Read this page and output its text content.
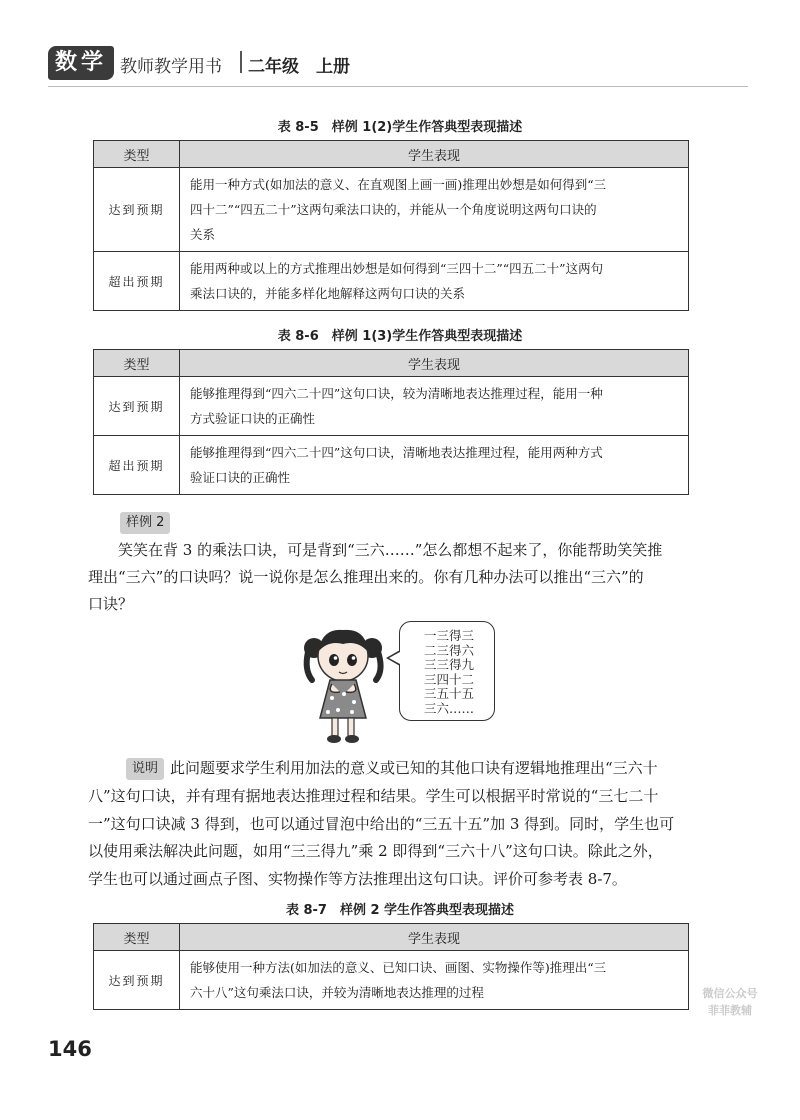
数学 教师教学用书 二年级　上册
表 8-5　样例 1(2)学生作答典型表现描述
类型	学生表现
达到预期	能用一种方式(如加法的意义、在直观图上画一画)推理出妙想是如何得到“三
四十二”“四五二十”这两句乘法口诀的，并能从一个角度说明这两句口诀的
关系

超出预期	能用两种或以上的方式推理出妙想是如何得到“三四十二”“四五二十”这两句
乘法口诀的，并能多样化地解释这两句口诀的关系
表 8-6　样例 1(3)学生作答典型表现描述
类型	学生表现
达到预期	能够推理得到“四六二十四”这句口诀，较为清晰地表达推理过程，能用一种
方式验证口诀的正确性

超出预期	能够推理得到“四六二十四”这句口诀，清晰地表达推理过程，能用两种方式
验证口诀的正确性
样例 2
笑笑在背 3 的乘法口诀，可是背到“三六……”怎么都想不起来了，你能帮助笑笑推
理出“三六”的口诀吗？说一说你是怎么推理出来的。你有几种办法可以推出“三六”的
口诀？
一三得三
二三得六
三三得九
三四十二
三五十五
三六……
说明 此问题要求学生利用加法的意义或已知的其他口诀有逻辑地推理出“三六十
八”这句口诀，并有理有据地表达推理过程和结果。学生可以根据平时常说的“三七二十
一”这句口诀减 3 得到，也可以通过冒泡中给出的“三五十五”加 3 得到。同时，学生也可
以使用乘法解决此问题，如用“三三得九”乘 2 即得到“三六十八”这句口诀。除此之外，
学生也可以通过画点子图、实物操作等方法推理出这句口诀。评价可参考表 8-7。
表 8-7　样例 2 学生作答典型表现描述
类型	学生表现
达到预期	能够使用一种方法(如加法的意义、已知口诀、画图、实物操作等)推理出“三
六十八”这句乘法口诀，并较为清晰地表达推理的过程	微信公众号
菲菲教辅
146
